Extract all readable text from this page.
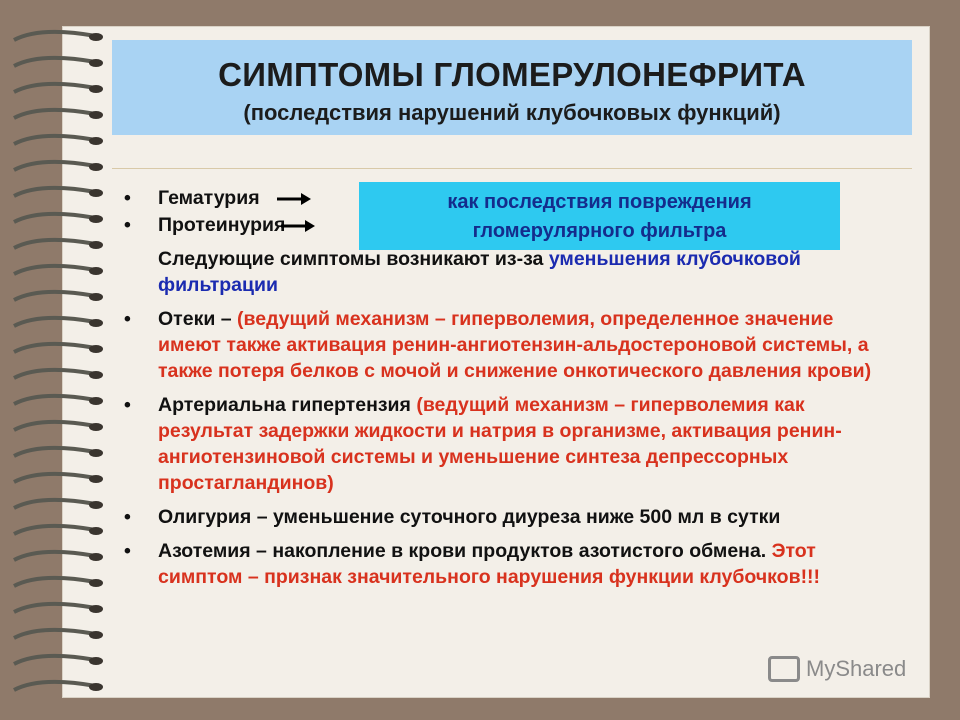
СИМПТОМЫ ГЛОМЕРУЛОНЕФРИТА
(последствия нарушений клубочковых функций)
как последствия повреждения
гломерулярного фильтра
• Гематурия
• Протеинурия
Следующие симптомы возникают из-за уменьшения клубочковой фильтрации
• Отеки – (ведущий механизм – гиперволемия, определенное значение имеют также активация ренин-ангиотензин-альдостероновой системы, а также потеря белков с мочой и снижение онкотического давления крови)
• Артериальна гипертензия (ведущий механизм – гиперволемия как результат задержки жидкости и натрия в организме, активация ренин-ангиотензиновой системы и уменьшение синтеза депрессорных простагландинов)
• Олигурия – уменьшение суточного диуреза ниже 500 мл в сутки
• Азотемия – накопление в крови продуктов азотистого обмена. Этот симптом – признак значительного нарушения функции клубочков!!!
MyShared
